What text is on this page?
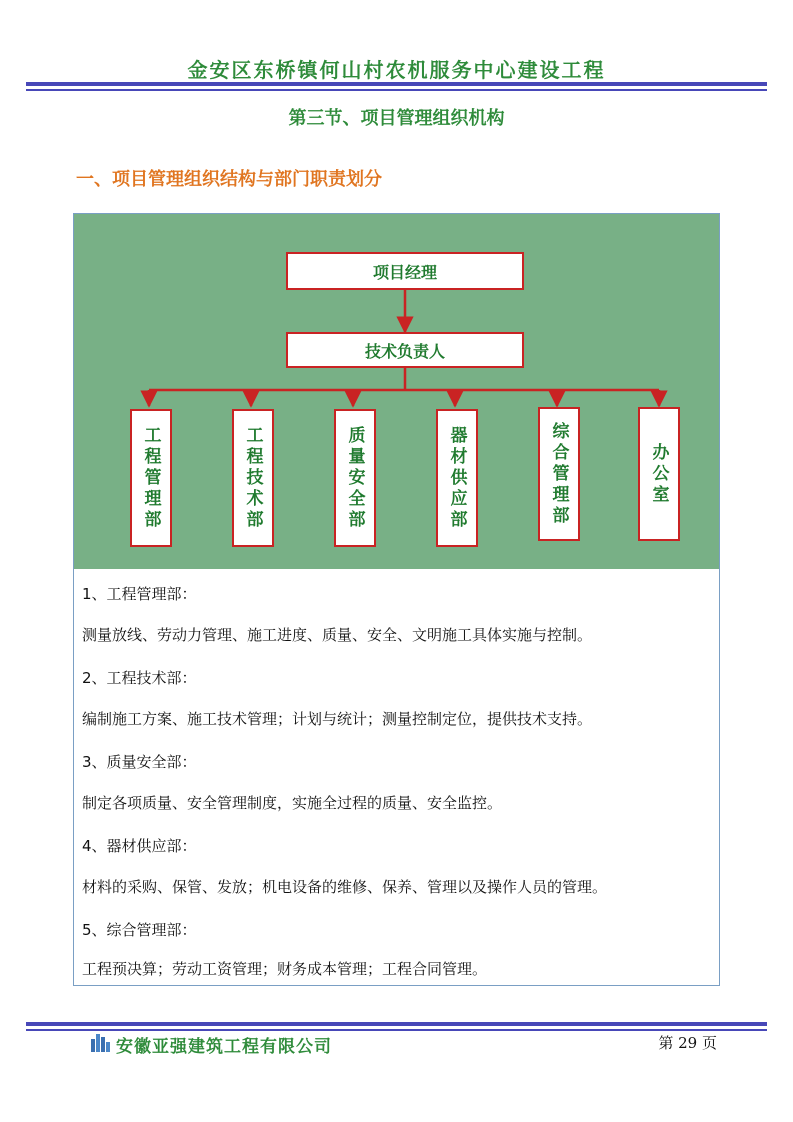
金安区东桥镇何山村农机服务中心建设工程
第三节、项目管理组织机构
一、项目管理组织结构与部门职责划分
项目经理
技术负责人
工程管理部	工程技术部	质量安全部	器材供应部	综合管理部	办公室
1、工程管理部：
测量放线、劳动力管理、施工进度、质量、安全、文明施工具体实施与控制。
2、工程技术部：
编制施工方案、施工技术管理；计划与统计；测量控制定位，提供技术支持。
3、质量安全部：
制定各项质量、安全管理制度，实施全过程的质量、安全监控。
4、器材供应部：
材料的采购、保管、发放；机电设备的维修、保养、管理以及操作人员的管理。
5、综合管理部：
工程预决算；劳动工资管理；财务成本管理；工程合同管理。
安徽亚强建筑工程有限公司	第 29 页
